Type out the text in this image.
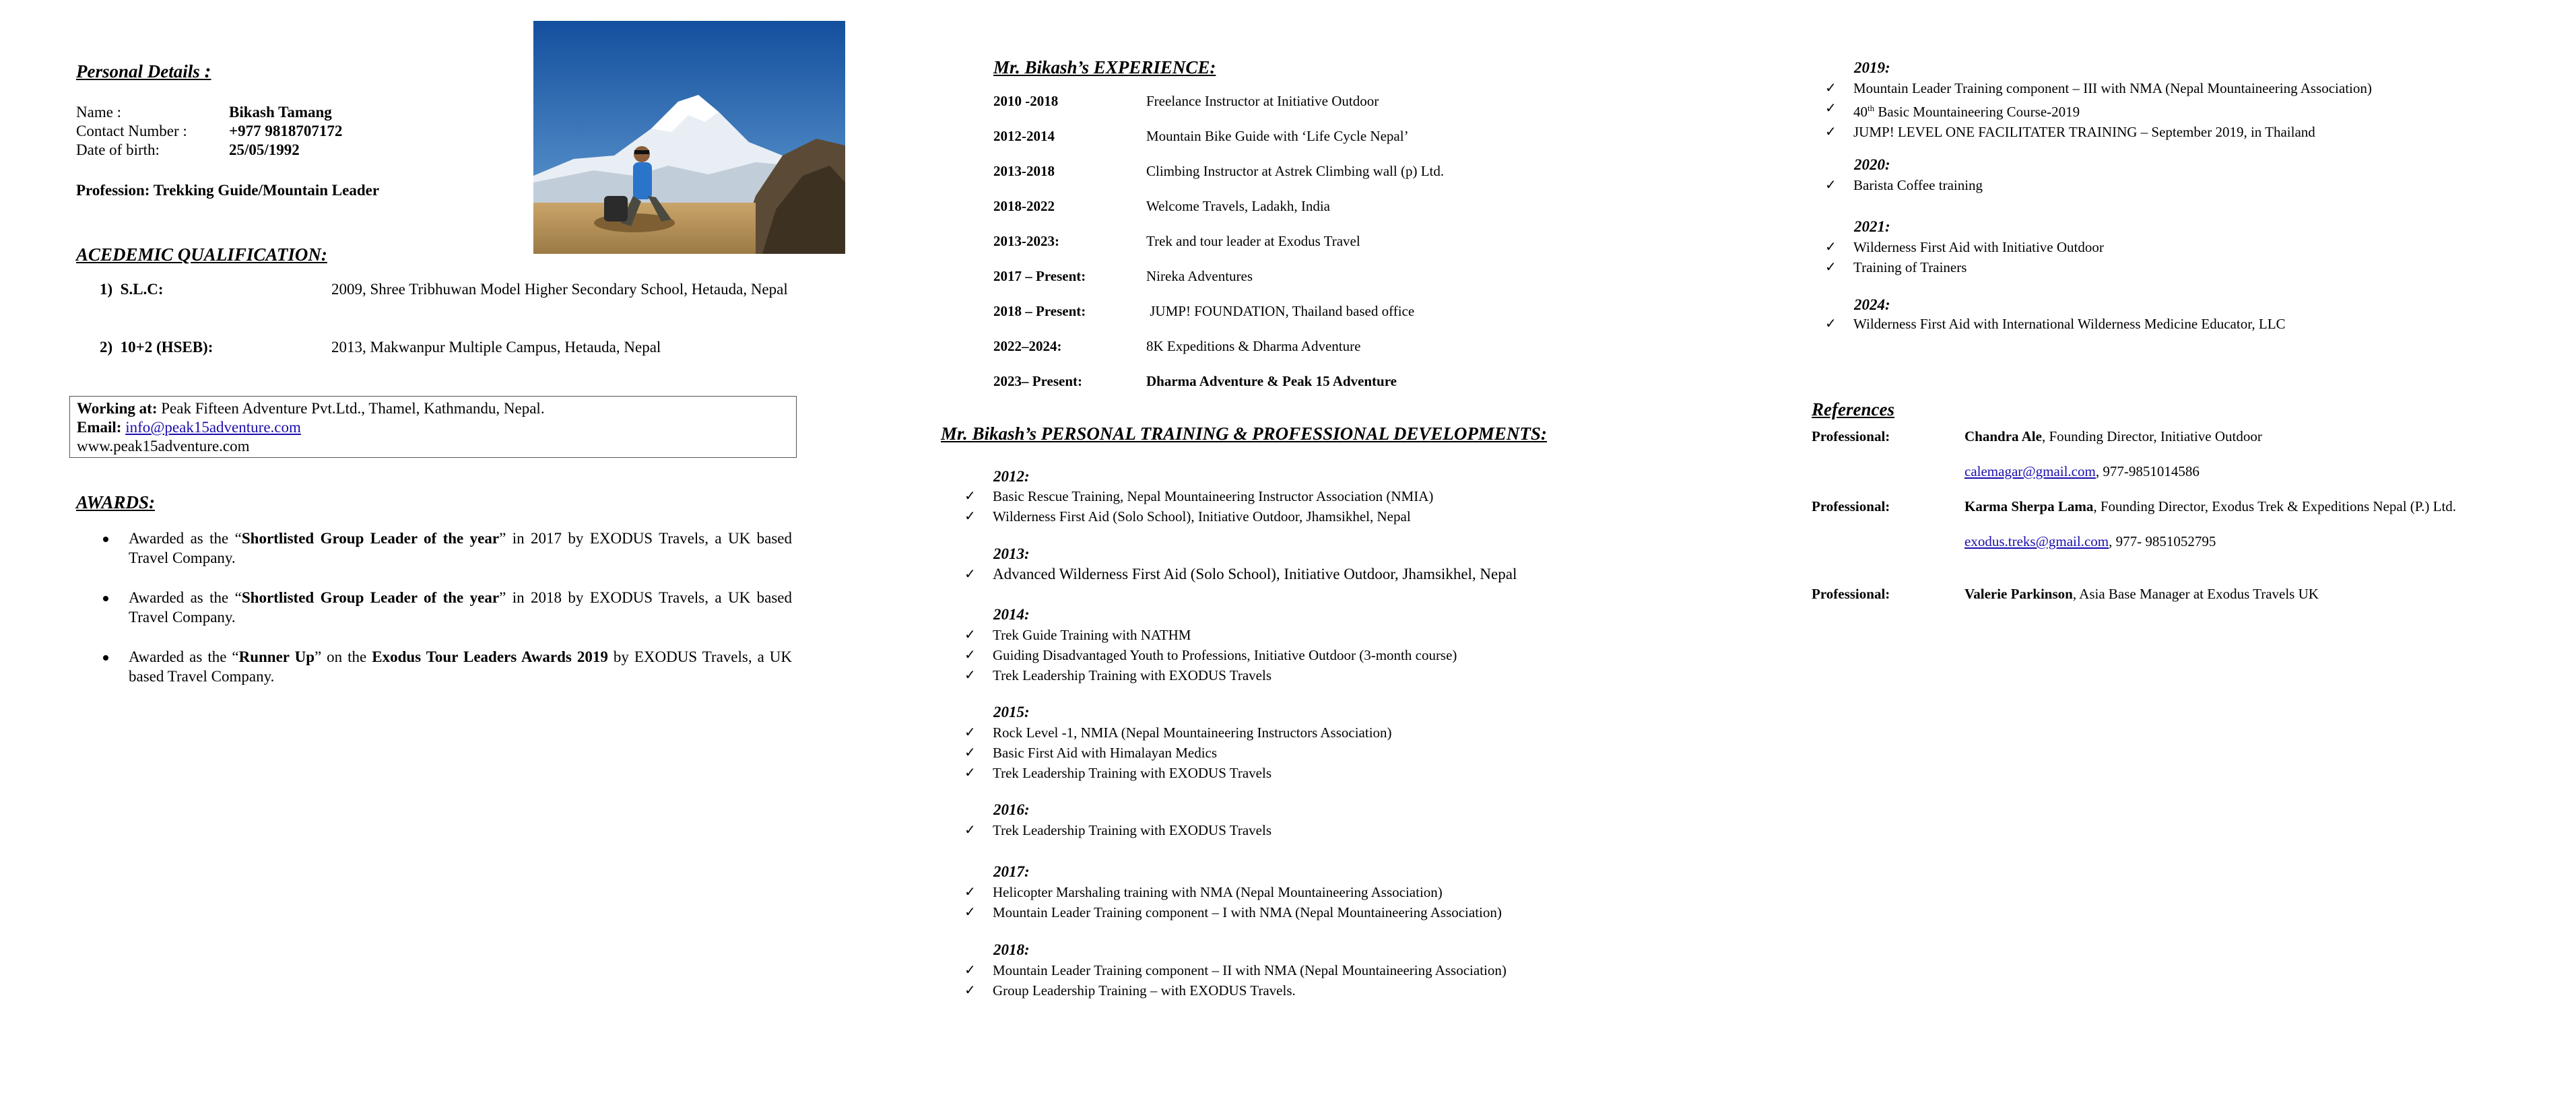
Personal Details :
Name :	Bikash Tamang
Contact Number :	+977 9818707172
Date of birth:	25/05/1992
Profession: Trekking Guide/Mountain Leader
ACEDEMIC QUALIFICATION:
1) S.L.C:	2009, Shree Tribhuwan Model Higher Secondary School, Hetauda, Nepal
2) 10+2 (HSEB):	2013, Makwanpur Multiple Campus, Hetauda, Nepal
Working at: Peak Fifteen Adventure Pvt.Ltd., Thamel, Kathmandu, Nepal.
Email: info@peak15adventure.com
www.peak15adventure.com
AWARDS:
Awarded as the “Shortlisted Group Leader of the year” in 2017 by EXODUS Travels, a UK based Travel Company.
Awarded as the “Shortlisted Group Leader of the year” in 2018 by EXODUS Travels, a UK based Travel Company.
Awarded as the “Runner Up” on the Exodus Tour Leaders Awards 2019 by EXODUS Travels, a UK based Travel Company.
Mr. Bikash’s EXPERIENCE:
2010 -2018	Freelance Instructor at Initiative Outdoor
2012-2014	Mountain Bike Guide with ‘Life Cycle Nepal’
2013-2018	Climbing Instructor at Astrek Climbing wall (p) Ltd.
2018-2022	Welcome Travels, Ladakh, India
2013-2023:	Trek and tour leader at Exodus Travel
2017 – Present:	Nireka Adventures
2018 – Present:	JUMP! FOUNDATION, Thailand based office
2022–2024:	8K Expeditions & Dharma Adventure
2023– Present:	Dharma Adventure & Peak 15 Adventure
Mr. Bikash’s PERSONAL TRAINING & PROFESSIONAL DEVELOPMENTS:
2012:
✓ Basic Rescue Training, Nepal Mountaineering Instructor Association (NMIA)
✓ Wilderness First Aid (Solo School), Initiative Outdoor, Jhamsikhel, Nepal
2013:
✓ Advanced Wilderness First Aid (Solo School), Initiative Outdoor, Jhamsikhel, Nepal
2014:
✓ Trek Guide Training with NATHM
✓ Guiding Disadvantaged Youth to Professions, Initiative Outdoor (3-month course)
✓ Trek Leadership Training with EXODUS Travels
2015:
✓ Rock Level -1, NMIA (Nepal Mountaineering Instructors Association)
✓ Basic First Aid with Himalayan Medics
✓ Trek Leadership Training with EXODUS Travels
2016:
✓ Trek Leadership Training with EXODUS Travels
2017:
✓ Helicopter Marshaling training with NMA (Nepal Mountaineering Association)
✓ Mountain Leader Training component – I with NMA (Nepal Mountaineering Association)
2018:
✓ Mountain Leader Training component – II with NMA (Nepal Mountaineering Association)
✓ Group Leadership Training – with EXODUS Travels.
2019:
✓ Mountain Leader Training component – III with NMA (Nepal Mountaineering Association)
✓ 40th Basic Mountaineering Course-2019
✓ JUMP! LEVEL ONE FACILITATER TRAINING – September 2019, in Thailand
2020:
✓ Barista Coffee training
2021:
✓ Wilderness First Aid with Initiative Outdoor
✓ Training of Trainers
2024:
✓ Wilderness First Aid with International Wilderness Medicine Educator, LLC
References
Professional:	Chandra Ale, Founding Director, Initiative Outdoor
calemagar@gmail.com, 977-9851014586
Professional:	Karma Sherpa Lama, Founding Director, Exodus Trek & Expeditions Nepal (P.) Ltd.
exodus.treks@gmail.com, 977- 9851052795
Professional:	Valerie Parkinson, Asia Base Manager at Exodus Travels UK
